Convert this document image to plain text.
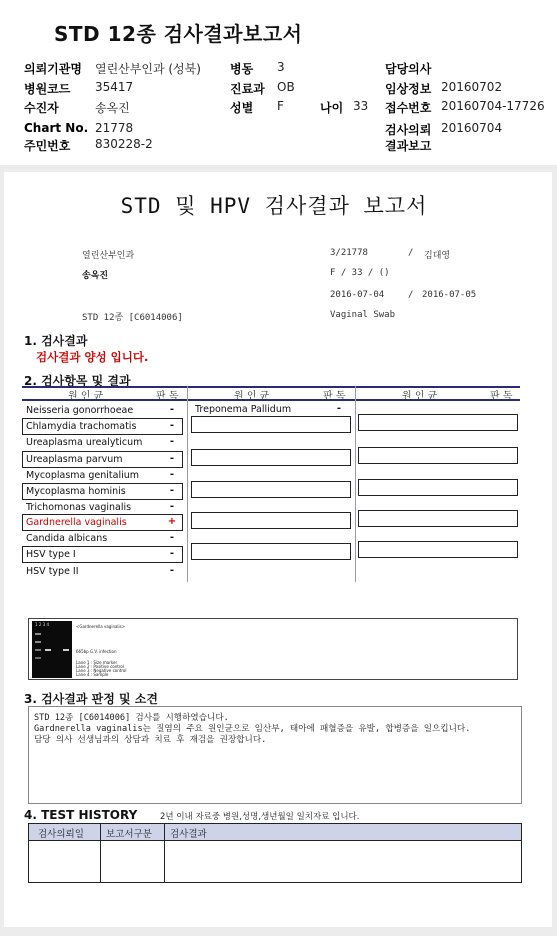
STD 12종 검사결과보고서
의뢰기관명 열린산부인과 (성북) 병동 3	담당의사
병원코드 35417	진료과 OB	임상정보 20160702
수진자	송옥진	성별 F	나이 33 접수번호 20160704-17726
Chart No. 21778	검사의뢰 20160704
주민번호 830228-2	결과보고
STD 및 HPV 검사결과 보고서
열린산부인과
송옥진
STD 12종 [C6014006]
3/21778	/ 김대영
F / 33 / ()
2016-07-04	/ 2016-07-05
Vaginal Swab
1. 검사결과
검사결과 양성 입니다.
2. 검사항목 및 결과
원 인 균	판 독	원 인 균	판 독	원 인 균	판 독
Neisseria gonorrhoeae	-
Chlamydia trachomatis	-
Ureaplasma urealyticum	-
Ureaplasma parvum	-
Mycoplasma genitalium	-
Mycoplasma hominis	-
Trichomonas vaginalis	-
Gardnerella vaginalis	+
Candida albicans	-
HSV type I	-
HSV type II	-
Treponema Pallidum	-
1 2 3 4	<Gardnerella vaginalis>
665bp G.V. infection
Lane 1 : Size marker
Lane 2 : Positive control
Lane 3 : Negative control
Lane 4 : Sample
3. 검사결과 판정 및 소견
STD 12종 [C6014006] 검사를 시행하였습니다.
Gardnerella vaginalis는 질염의 주요 원인균으로 임산부, 태아에 패혈증을 유발, 합병증을 일으킵니다.
담당 의사 선생님과의 상담과 치료 후 재검을 권장합니다.
4. TEST HISTORY	2년 이내 자료중 병원,성명,생년월일 일치자료 입니다.
검사의뢰일 보고서구분 검사결과
